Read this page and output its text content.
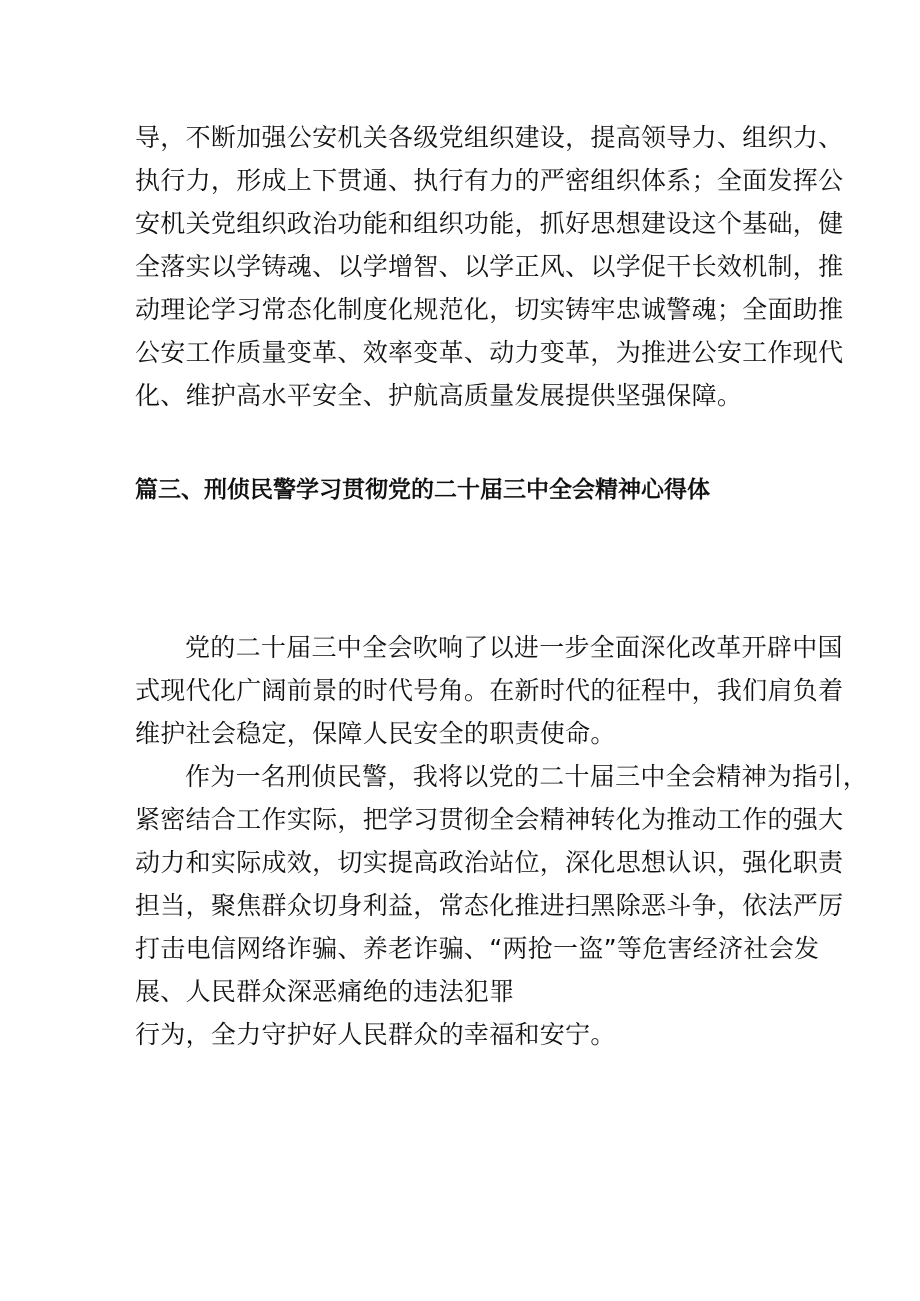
导，不断加强公安机关各级党组织建设，提高领导力、组织力、
执行力，形成上下贯通、执行有力的严密组织体系；全面发挥公
安机关党组织政治功能和组织功能，抓好思想建设这个基础，健
全落实以学铸魂、以学增智、以学正风、以学促干长效机制，推
动理论学习常态化制度化规范化，切实铸牢忠诚警魂；全面助推
公安工作质量变革、效率变革、动力变革，为推进公安工作现代
化、维护高水平安全、护航高质量发展提供坚强保障。
篇三、刑侦民警学习贯彻党的二十届三中全会精神心得体
党的二十届三中全会吹响了以进一步全面深化改革开辟中国
式现代化广阔前景的时代号角。在新时代的征程中，我们肩负着
维护社会稳定，保障人民安全的职责使命。
作为一名刑侦民警，我将以党的二十届三中全会精神为指引，
紧密结合工作实际，把学习贯彻全会精神转化为推动工作的强大
动力和实际成效，切实提高政治站位，深化思想认识，强化职责
担当，聚焦群众切身利益，常态化推进扫黑除恶斗争，依法严厉
打击电信网络诈骗、养老诈骗、“两抢一盗”等危害经济社会发
展、人民群众深恶痛绝的违法犯罪
行为，全力守护好人民群众的幸福和安宁。
